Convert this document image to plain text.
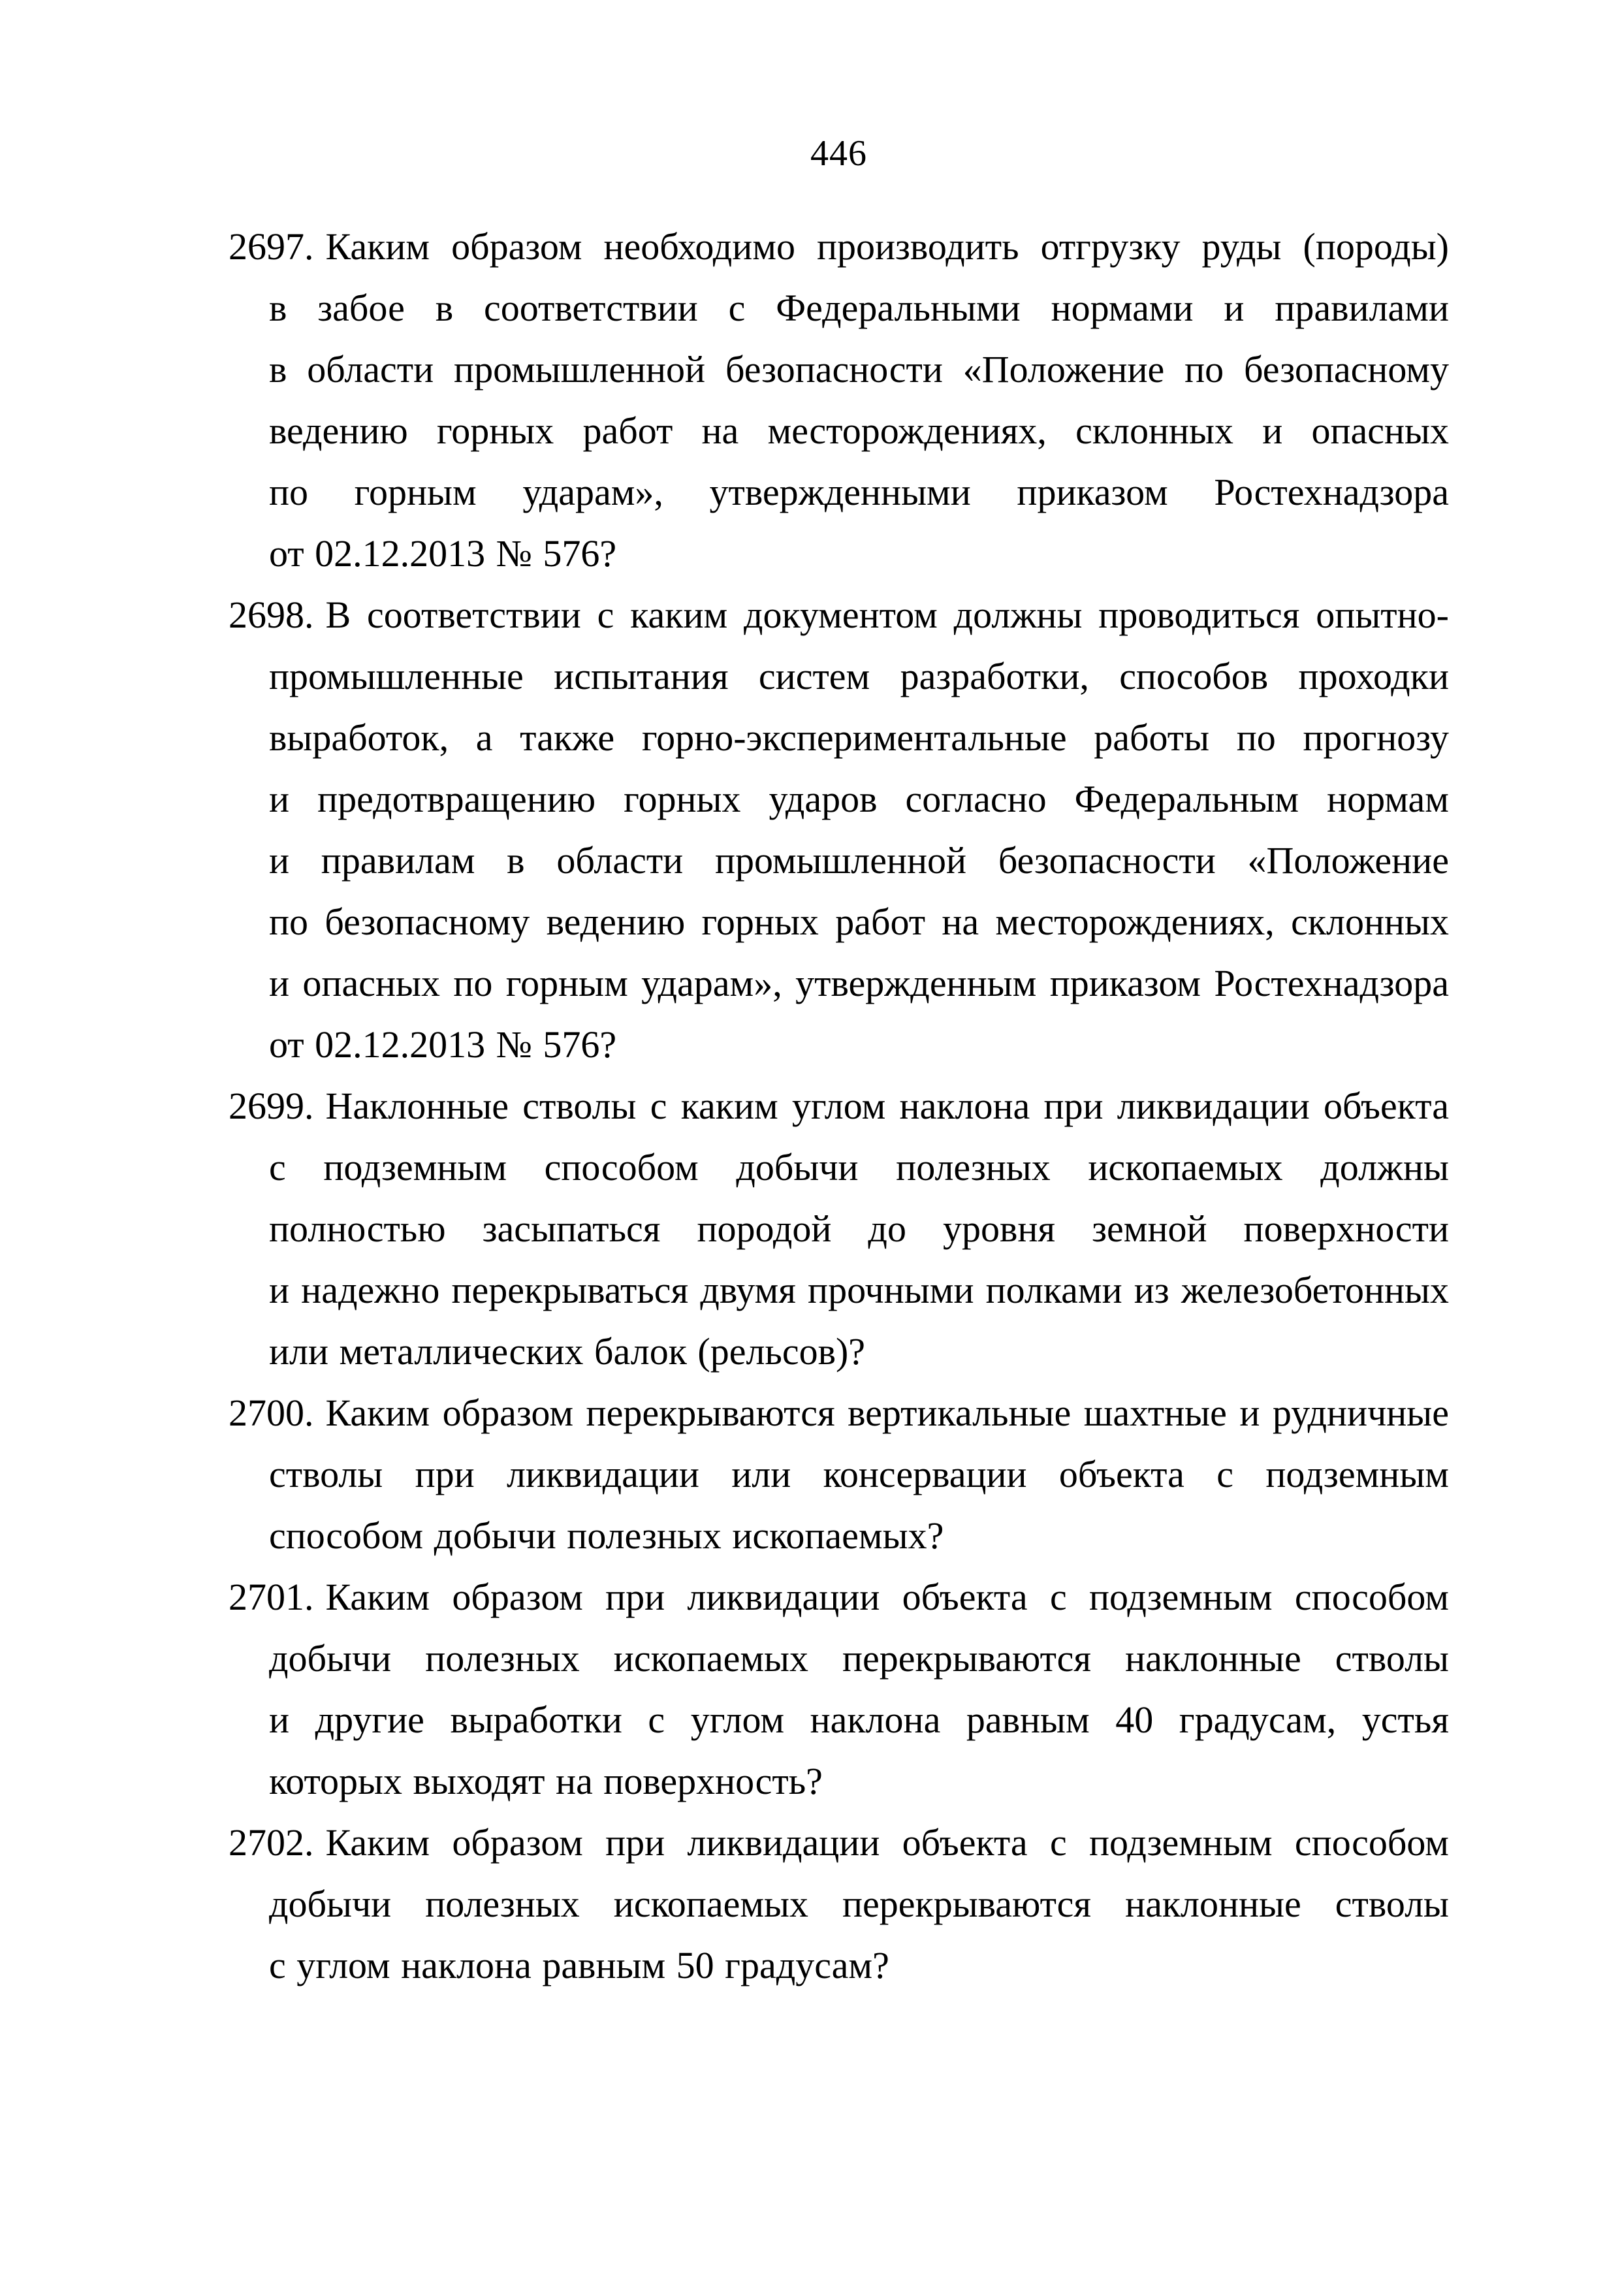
446

2697. Каким образом необходимо производить отгрузку руды (породы) в забое в соответствии с Федеральными нормами и правилами в области промышленной безопасности «Положение по безопасному ведению горных работ на месторождениях, склонных и опасных по горным ударам», утвержденными приказом Ростехнадзора от 02.12.2013 № 576?

2698. В соответствии с каким документом должны проводиться опытно-промышленные испытания систем разработки, способов проходки выработок, а также горно-экспериментальные работы по прогнозу и предотвращению горных ударов согласно Федеральным нормам и правилам в области промышленной безопасности «Положение по безопасному ведению горных работ на месторождениях, склонных и опасных по горным ударам», утвержденным приказом Ростехнадзора от 02.12.2013 № 576?

2699. Наклонные стволы с каким углом наклона при ликвидации объекта с подземным способом добычи полезных ископаемых должны полностью засыпаться породой до уровня земной поверхности и надежно перекрываться двумя прочными полками из железобетонных или металлических балок (рельсов)?

2700. Каким образом перекрываются вертикальные шахтные и рудничные стволы при ликвидации или консервации объекта с подземным способом добычи полезных ископаемых?

2701. Каким образом при ликвидации объекта с подземным способом добычи полезных ископаемых перекрываются наклонные стволы и другие выработки с углом наклона равным 40 градусам, устья которых выходят на поверхность?

2702. Каким образом при ликвидации объекта с подземным способом добычи полезных ископаемых перекрываются наклонные стволы с углом наклона равным 50 градусам?
